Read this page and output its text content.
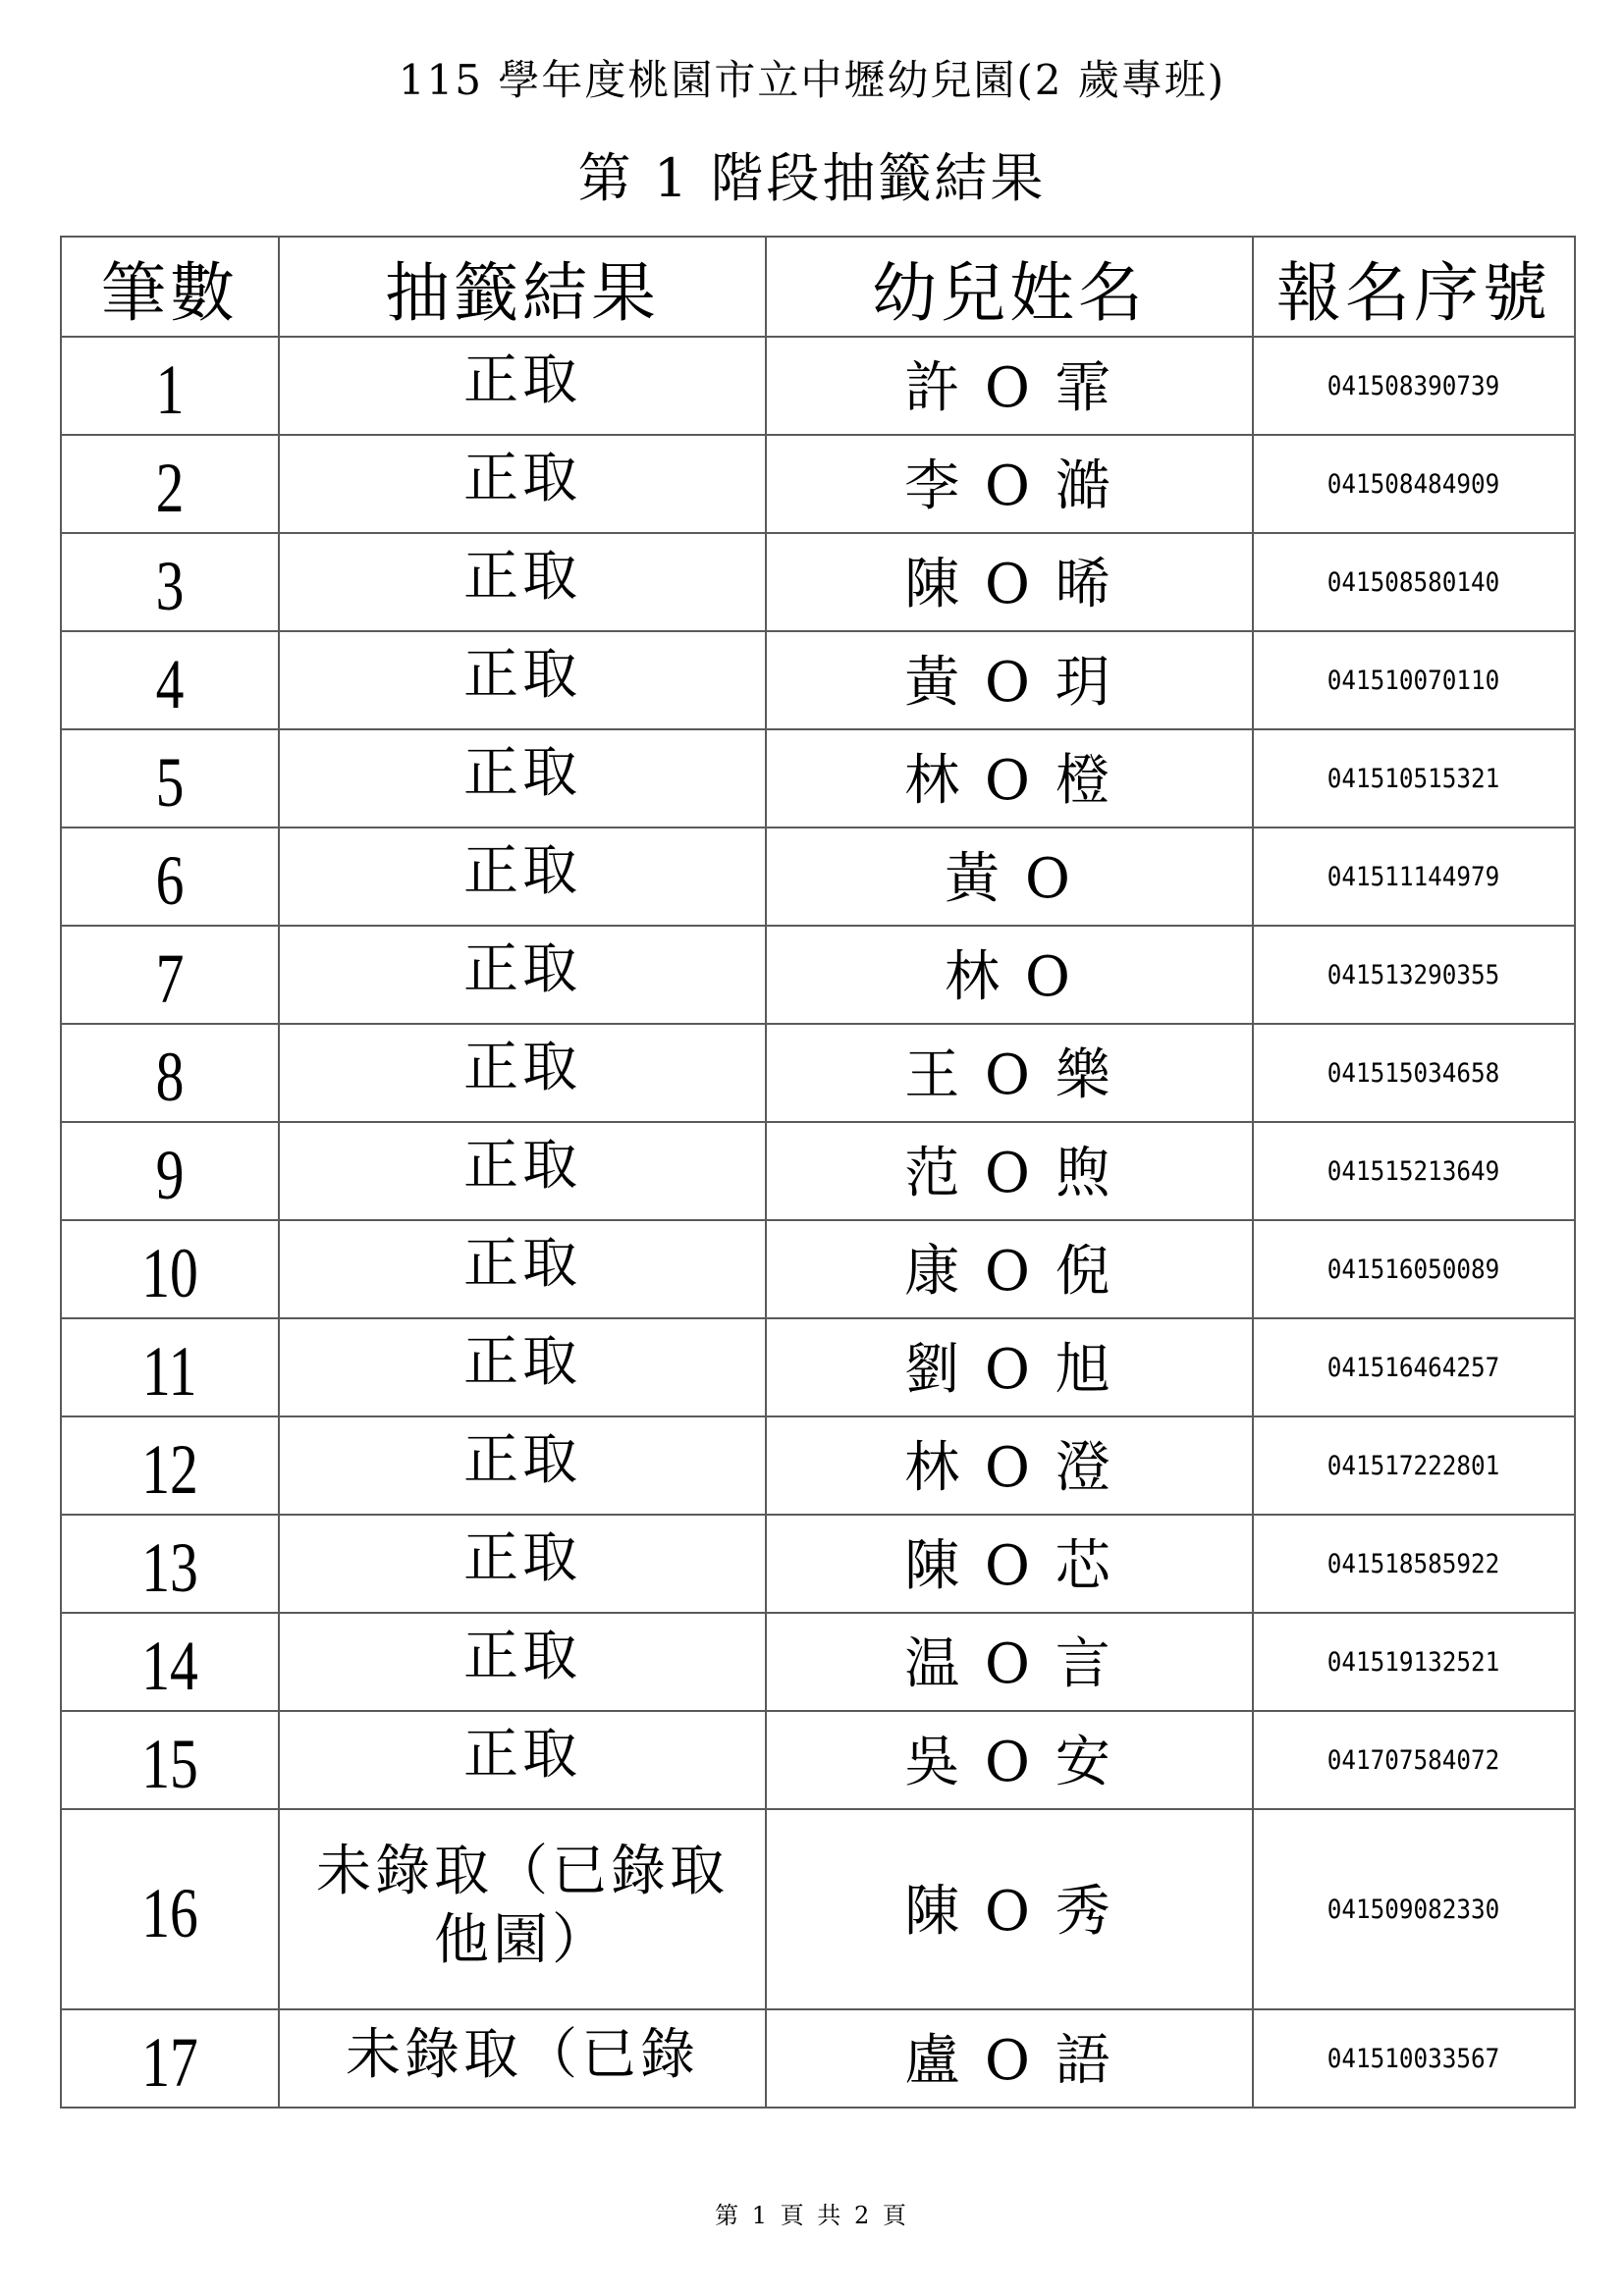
115 學年度桃園市立中壢幼兒園(2 歲專班)
第 1 階段抽籤結果
筆數	抽籤結果	幼兒姓名	報名序號
1	正取	許 O 霏	041508390739
2	正取	李 O 澔	041508484909
3	正取	陳 O 晞	041508580140
4	正取	黃 O 玥	041510070110
5	正取	林 O 橙	041510515321
6	正取	黃 O	041511144979
7	正取	林 O	041513290355
8	正取	王 O 樂	041515034658
9	正取	范 O 煦	041515213649
10	正取	康 O 倪	041516050089
11	正取	劉 O 旭	041516464257
12	正取	林 O 澄	041517222801
13	正取	陳 O 芯	041518585922
14	正取	温 O 言	041519132521
15	正取	吳 O 安	041707584072
16	未錄取（已錄取他園）	陳 O 秀	041509082330
17	未錄取（已錄	盧 O 語	041510033567
第 1 頁 共 2 頁
